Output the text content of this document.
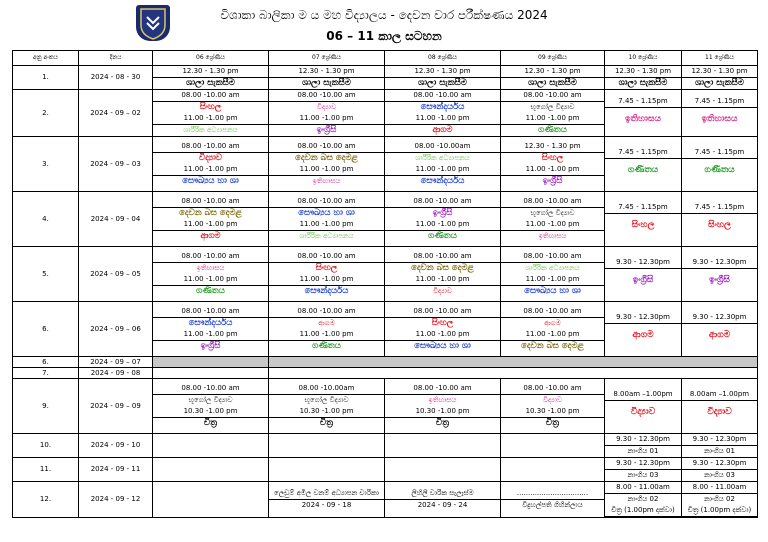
විශාකා බාලිකා ම ය මහ විද්‍යාලය - දෙවන වාර පරීක්ෂණය 2024
06 – 11 කාල සටහන
අනු අංකය	දිනය	06 ශ්‍රේණිය	07 ශ්‍රේණිය	08 ශ්‍රේණිය	09 ශ්‍රේණිය	10 ශ්‍රේණිය	11 ශ්‍රේණිය
1.	2024 - 08 - 30	12.30 - 1.30 pm
ශාලා සැකසීම	12.30 - 1.30 pm
ශාලා සැකසීම	12.30 - 1.30 pm
ශාලා සැකසීම	12.30 - 1.30 pm
ශාලා සැකසීම	12.30 - 1.30 pm
ශාලා සැකසීම	12.30 - 1.30 pm
ශාලා සැකසීම

2.	2024 - 09 – 02	08.00 -10.00 am
සිංහල
11.00 -1.00 pm
ශාරීරික අධ්‍යාපනය	08.00 -10.00 am
විද්‍යාව
11.00 -1.00 pm
ඉංග්‍රීසි	08.00 -10.00 am
සෞන්දර්යය
11.00 -1.00 pm
ආගම	08.00 -10.00 am
භූගෝල විද්‍යාව
11.00 -1.00 pm
ගණිතය	7.45 - 1.15pm
ඉතිහාසය	7.45 - 1.15pm
ඉතිහාසය

3.	2024 - 09 – 03	08.00 -10.00 am
විද්‍යාව
11.00 -1.00 pm
සෞඛ්‍යය හා ශා	08.00 -10.00 am
දෙවන බස දෙමළ
11.00 -1.00 pm
ඉතිහාසය	08.00 -10.00am
ශාරීරික අධ්‍යාපනය
11.00 -1.00 pm
සෞන්දර්යය	12.30 - 1.30 pm
සිංහල
11.00 -1.00 pm
ඉංග්‍රීසි	7.45 - 1.15pm
ගණිතය	7.45 - 1.15pm
ගණිතය

4.	2024 - 09 - 04	08.00 -10.00 am
දෙවන බස දෙමළ
11.00 -1.00 pm
ආගම	08.00 -10.00 am
සෞඛ්‍යය හා ශා
11.00 -1.00 pm
ශාරීරික අධ්‍යාපනය	08.00 -10.00 am
ඉංග්‍රීසි
11.00 -1.00 pm
ගණිතය	08.00 -10.00 am
භූගෝල විද්‍යාව
11.00 -1.00 pm
ඉතිහාසය	7.45 - 1.15pm
සිංහල	7.45 - 1.15pm
සිංහල

5.	2024 - 09 – 05	08.00 -10.00 am
ඉතිහාසය
11.00 -1.00 pm
ගණිතය	08.00 -10.00 am
සිංහල
11.00 -1.00 pm
සෞන්දර්යය	08.00 -10.00 am
දෙවන බස දෙමළ
11.00 -1.00 pm
විද්‍යාව	08.00 -10.00 am
ශාරීරික අධ්‍යාපනය
11.00 -1.00 pm
සෞඛ්‍යය හා ශා	9.30 - 12.30pm
ඉංග්‍රීසි	9.30 - 12.30pm
ඉංග්‍රීසි

6.	2024 - 09 – 06	08.00 -10.00 am
සෞන්දර්යය
11.00 -1.00 pm
ඉංග්‍රීසි	08.00 -10.00 am
ආගම
11.00 -1.00 pm
ගණිතය	08.00 -10.00 am
සිංහල
11.00 -1.00 pm
සෞඛ්‍යය හා ශා	08.00 -10.00 am
ආගම
11.00 -1.00 pm
දෙවන බස දෙමළ	9.30 - 12.30pm
ආගම	9.30 - 12.30pm
ආගම

6.	2024 - 09 – 07						
7.	2024 - 09 - 08						
9.	2024 - 09 – 09	08.00 -10.00 am
භූගෝල විද්‍යාව
10.30 -1.00 pm
චිත්‍ර	08.00 -10.00am
භූගෝල විද්‍යාව
10.30 -1.00 pm
චිත්‍ර	08.00 -10.00 am
ඉතිහාසය
10.30 -1.00 pm
චිත්‍ර	08.00 -10.00 am
විද්‍යාව
10.30 -1.00 pm
චිත්‍ර	8.00am –1.00pm
විද්‍යාව	8.00am –1.00pm
විද්‍යාව

10.	2024 - 09 - 10					9.30 - 12.30pm
නාංගිය 01	9.30 - 12.30pm
නාංගිය 01

11.	2024 - 09 - 11					9.30 - 12.30pm
නාංගිය 03	9.30 - 12.30pm
නාංගිය 03

12.	2024 - 09 - 12		ලෙඩුම් අමිල වනම් අධ්‍යාපන චාරිකා
2024 - 09 - 18	ලිහිලි වාරික සැලැස්ම
2024 - 09 - 24	................................
විදුහල්පති ගිහින්ලාය	8.00 - 11.00am
නාංගිය 02
චිත්‍ර (1.00pm දක්වා)	8.00 - 11.00am
නාංගිය 02
චිත්‍ර (1.00pm දක්වා)
